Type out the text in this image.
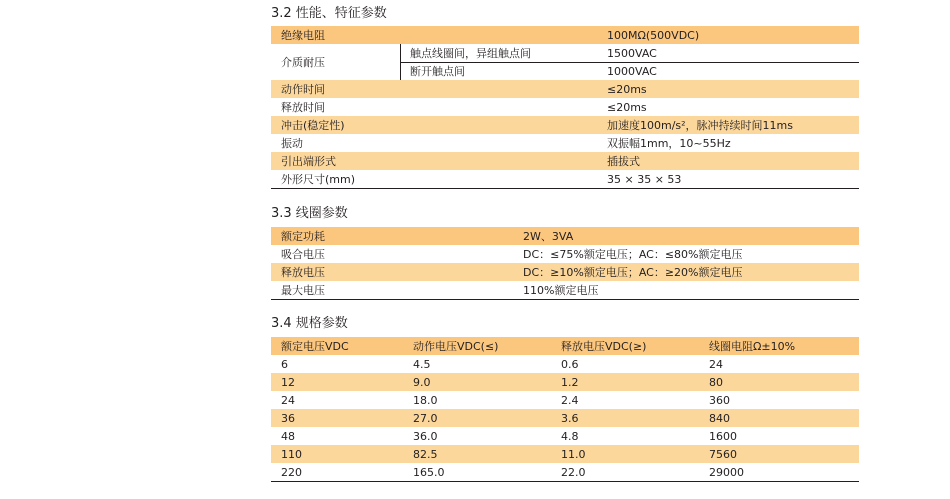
3.2 性能、特征参数
绝缘电阻	100MΩ(500VDC)
介质耐压
触点线圈间，异组触点间	1500VAC
断开触点间	1000VAC
动作时间	≤20ms
释放时间	≤20ms
冲击(稳定性)	加速度100m/s²，脉冲持续时间11ms
振动	双振幅1mm，10~55Hz
引出端形式	插拔式
外形尺寸(mm)	35 × 35 × 53
3.3 线圈参数
额定功耗	2W、3VA
吸合电压	DC：≤75%额定电压；AC：≤80%额定电压
释放电压	DC：≥10%额定电压；AC：≥20%额定电压
最大电压	110%额定电压
3.4 规格参数
额定电压VDC	动作电压VDC(≤)	释放电压VDC(≥)	线圈电阻Ω±10%
6	4.5	0.6	24
12	9.0	1.2	80
24	18.0	2.4	360
36	27.0	3.6	840
48	36.0	4.8	1600
110	82.5	11.0	7560
220	165.0	22.0	29000
